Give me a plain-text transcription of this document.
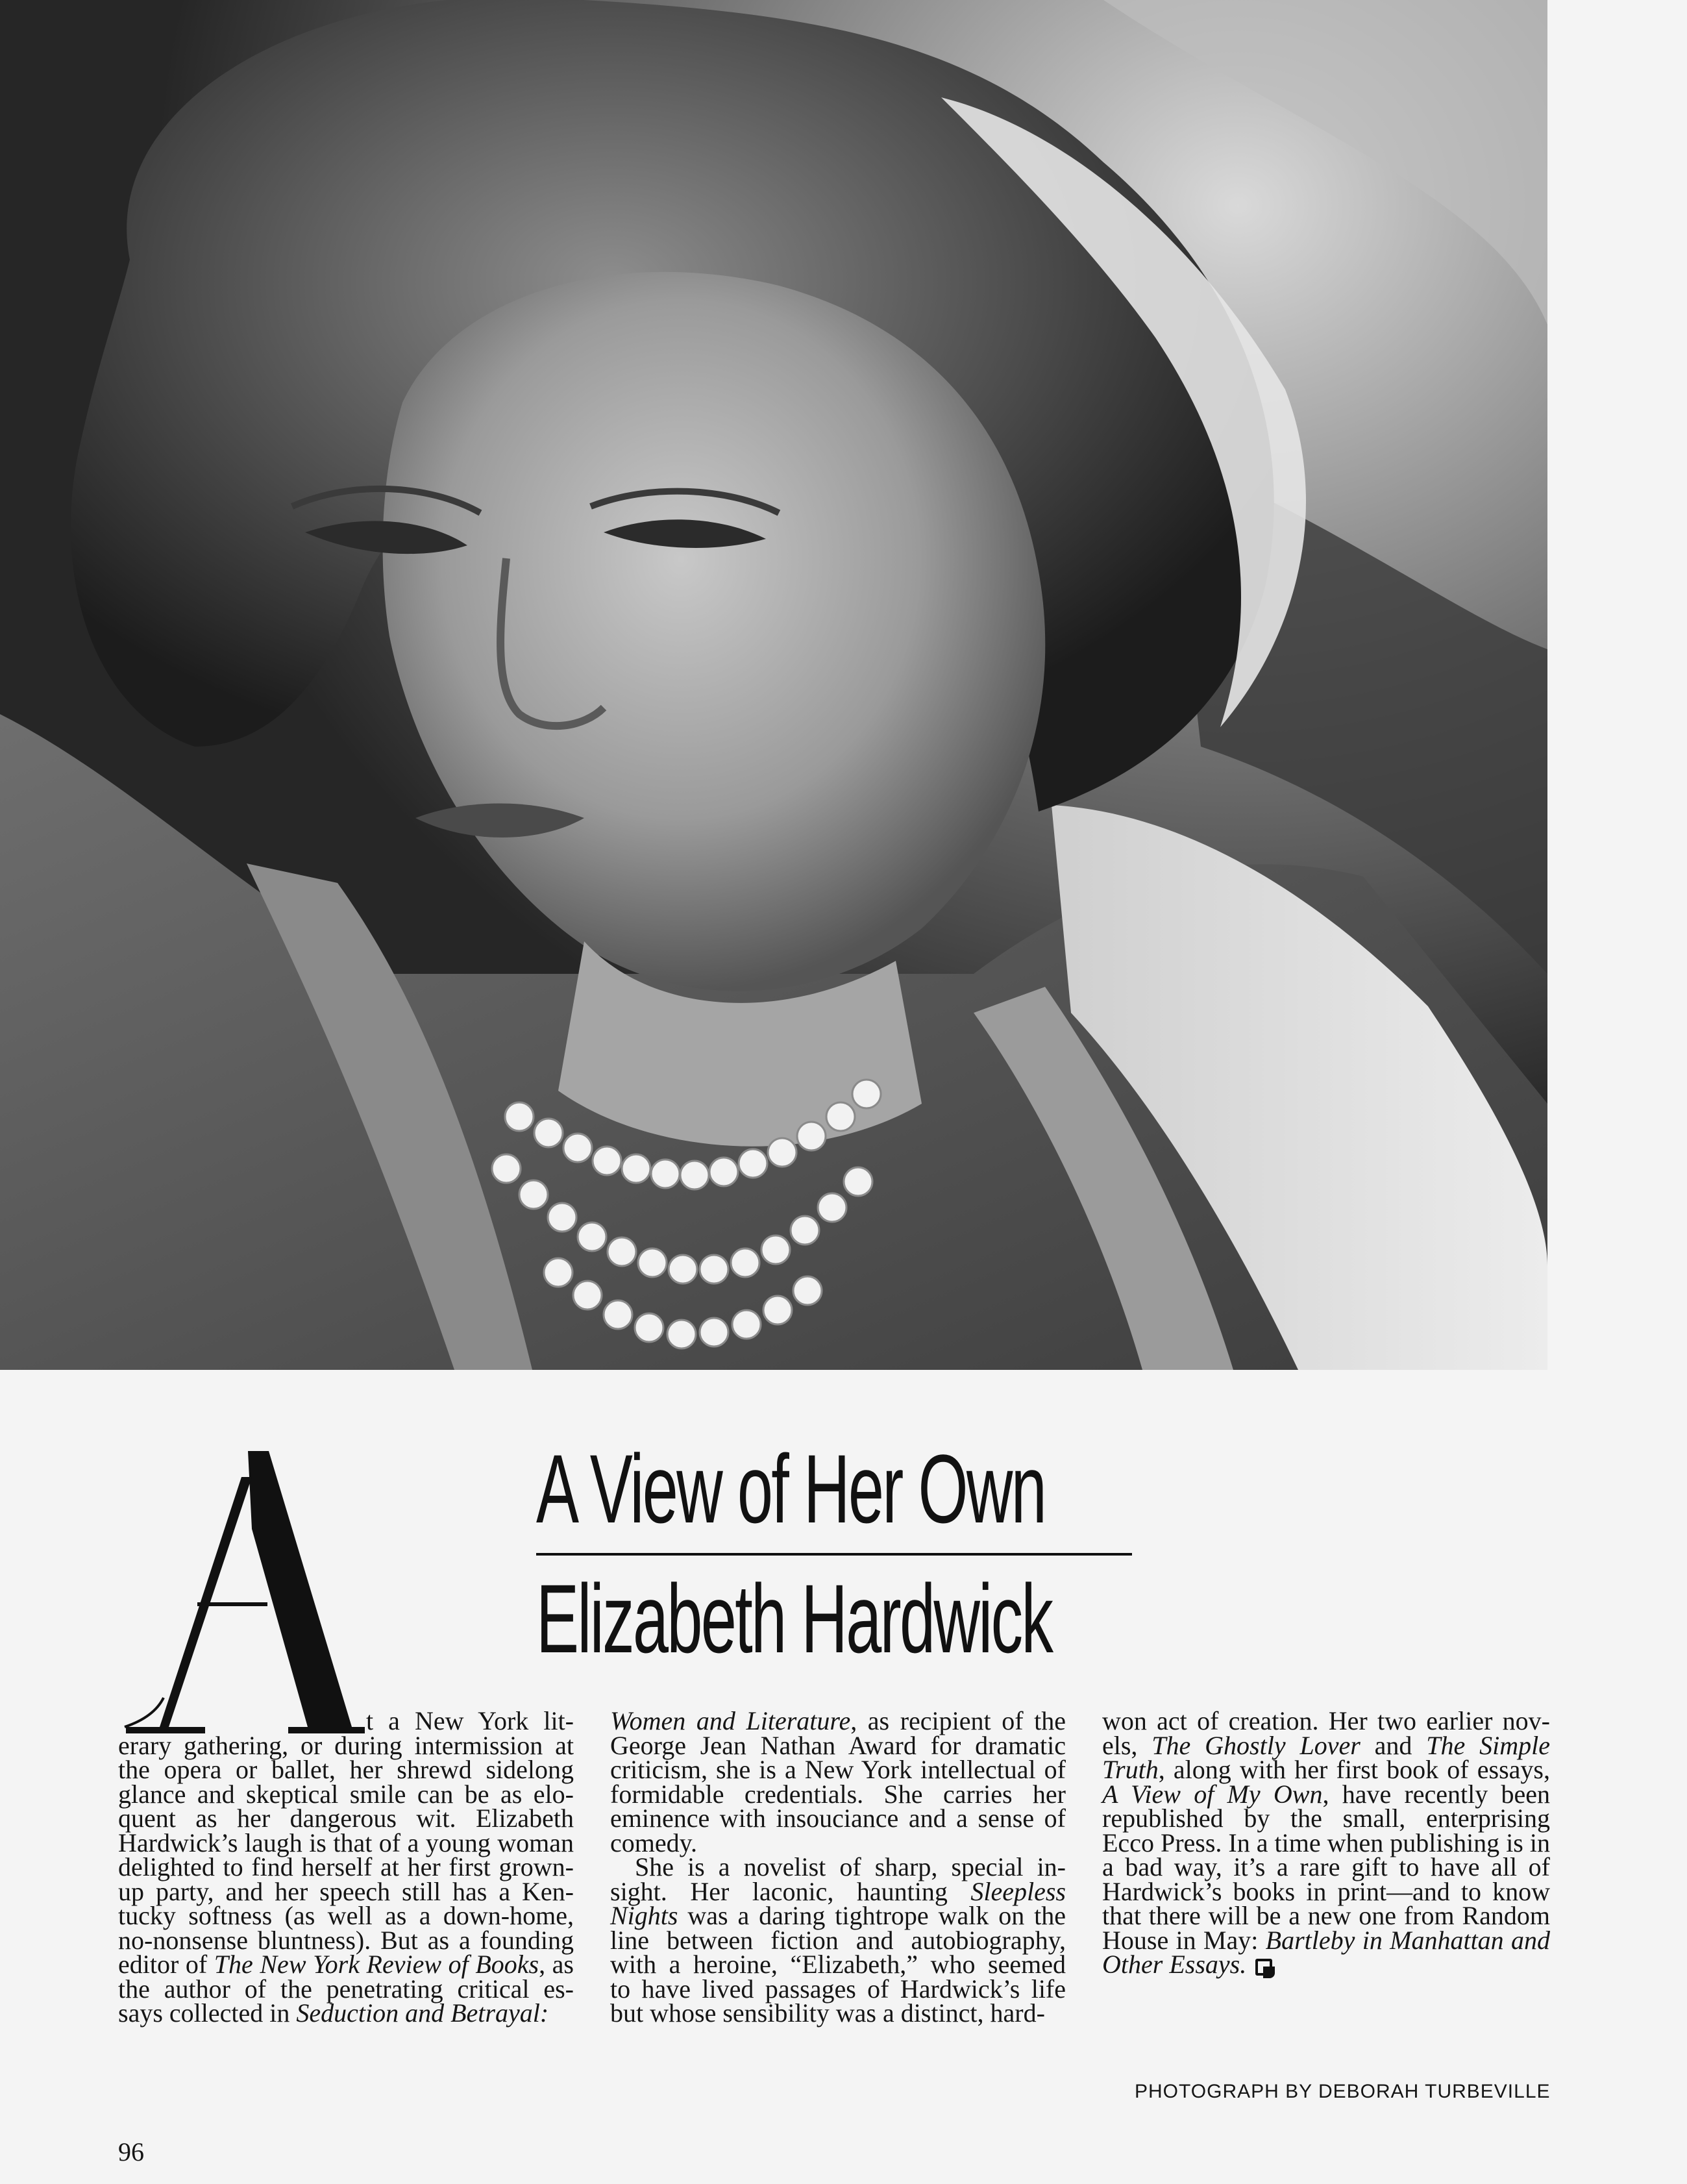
A View of Her Own
Elizabeth Hardwick
t a New York lit-
erary gathering, or during intermission at
the opera or ballet, her shrewd sidelong
glance and skeptical smile can be as elo-
quent as her dangerous wit. Elizabeth
Hardwick’s laugh is that of a young woman
delighted to find herself at her first grown-
up party, and her speech still has a Ken-
tucky softness (as well as a down-home,
no-nonsense bluntness). But as a founding
editor of The New York Review of Books, as
the author of the penetrating critical es-
says collected in Seduction and Betrayal:
Women and Literature, as recipient of the
George Jean Nathan Award for dramatic
criticism, she is a New York intellectual of
formidable credentials. She carries her
eminence with insouciance and a sense of
comedy.
She is a novelist of sharp, special in-
sight. Her laconic, haunting Sleepless
Nights was a daring tightrope walk on the
line between fiction and autobiography,
with a heroine, “Elizabeth,” who seemed
to have lived passages of Hardwick’s life
but whose sensibility was a distinct, hard-
won act of creation. Her two earlier nov-
els, The Ghostly Lover and The Simple
Truth, along with her first book of essays,
A View of My Own, have recently been
republished by the small, enterprising
Ecco Press. In a time when publishing is in
a bad way, it’s a rare gift to have all of
Hardwick’s books in print—and to know
that there will be a new one from Random
House in May: Bartleby in Manhattan and
Other Essays.
PHOTOGRAPH BY DEBORAH TURBEVILLE
96
